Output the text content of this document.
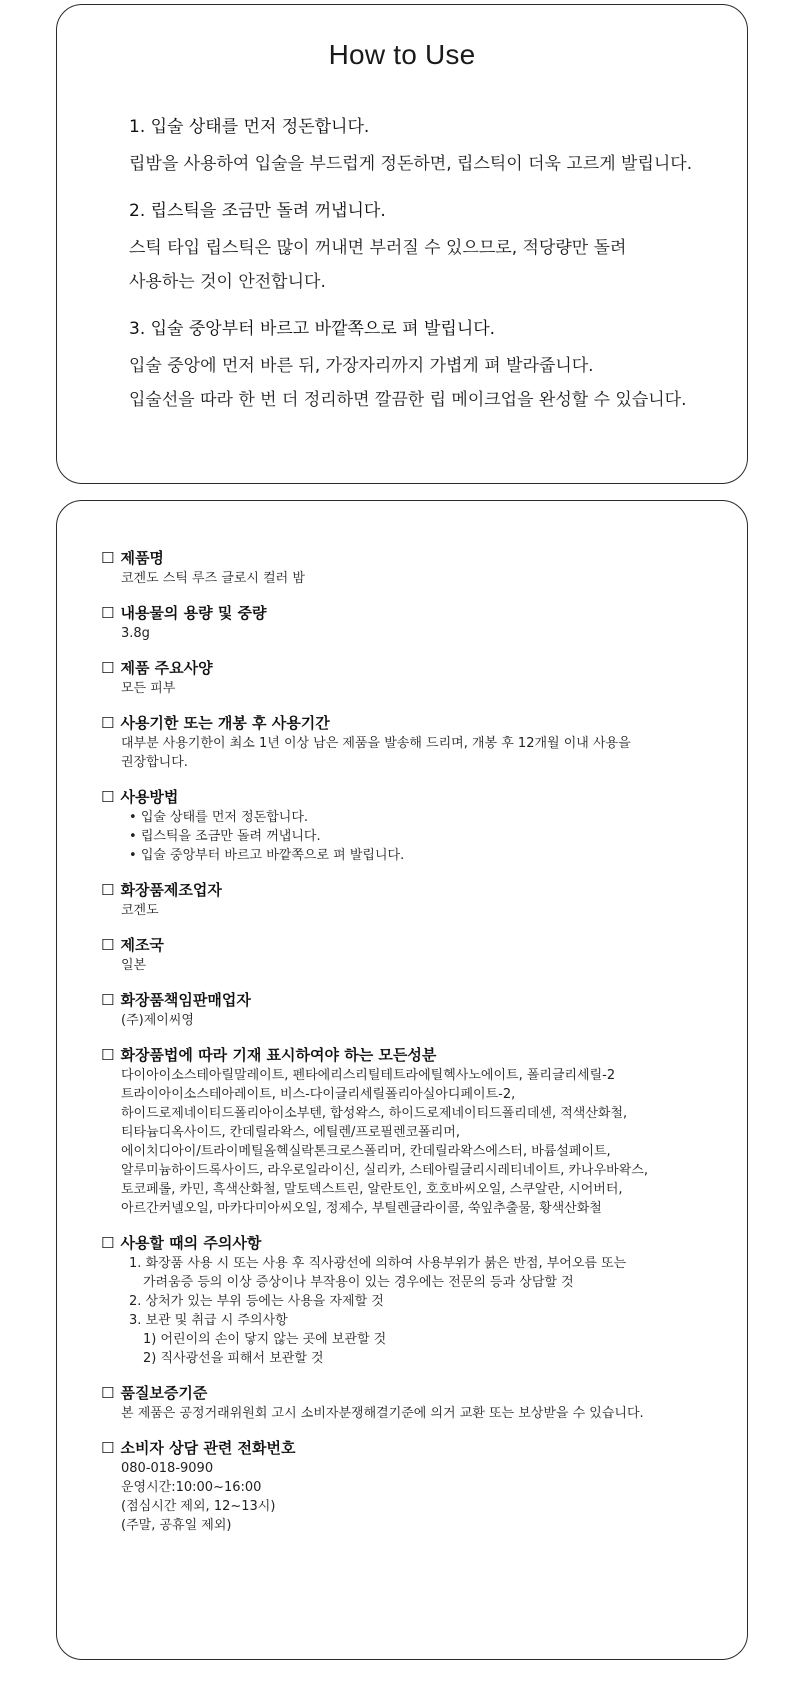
How to Use
1. 입술 상태를 먼저 정돈합니다.
립밤을 사용하여 입술을 부드럽게 정돈하면, 립스틱이 더욱 고르게 발립니다.
2. 립스틱을 조금만 돌려 꺼냅니다.
스틱 타입 립스틱은 많이 꺼내면 부러질 수 있으므로, 적당량만 돌려
사용하는 것이 안전합니다.
3. 입술 중앙부터 바르고 바깥쪽으로 펴 발립니다.
입술 중앙에 먼저 바른 뒤, 가장자리까지 가볍게 펴 발라줍니다.
입술선을 따라 한 번 더 정리하면 깔끔한 립 메이크업을 완성할 수 있습니다.
☐ 제품명
코겐도 스틱 루즈 글로시 컬러 밤
☐ 내용물의 용량 및 중량
3.8g
☐ 제품 주요사양
모든 피부
☐ 사용기한 또는 개봉 후 사용기간
대부분 사용기한이 최소 1년 이상 남은 제품을 발송해 드리며, 개봉 후 12개월 이내 사용을
권장합니다.
☐ 사용방법
• 입술 상태를 먼저 정돈합니다.
• 립스틱을 조금만 돌려 꺼냅니다.
• 입술 중앙부터 바르고 바깥쪽으로 펴 발립니다.
☐ 화장품제조업자
코겐도
☐ 제조국
일본
☐ 화장품책임판매업자
(주)제이씨영
☐ 화장품법에 따라 기재 표시하여야 하는 모든성분
다이아이소스테아릴말레이트, 펜타에리스리틸테트라에틸헥사노에이트, 폴리글리세릴-2
트라이아이소스테아레이트, 비스-다이글리세릴폴리아실아디페이트-2,
하이드로제네이티드폴리아이소부텐, 합성왁스, 하이드로제네이티드폴리데센, 적색산화철,
티타늄디옥사이드, 칸데릴라왁스, 에틸렌/프로필렌코폴리머,
에이치디아이/트라이메틸올헥실락톤크로스폴리머, 칸데릴라왁스에스터, 바륨설페이트,
알루미늄하이드록사이드, 라우로일라이신, 실리카, 스테아릴글리시레티네이트, 카나우바왁스,
토코페롤, 카민, 흑색산화철, 말토덱스트린, 알란토인, 호호바씨오일, 스쿠알란, 시어버터,
아르간커넬오일, 마카다미아씨오일, 정제수, 부틸렌글라이콜, 쑥잎추출물, 황색산화철
☐ 사용할 때의 주의사항
1. 화장품 사용 시 또는 사용 후 직사광선에 의하여 사용부위가 붉은 반점, 부어오름 또는
가려움증 등의 이상 증상이나 부작용이 있는 경우에는 전문의 등과 상담할 것
2. 상처가 있는 부위 등에는 사용을 자제할 것
3. 보관 및 취급 시 주의사항
1) 어린이의 손이 닿지 않는 곳에 보관할 것
2) 직사광선을 피해서 보관할 것
☐ 품질보증기준
본 제품은 공정거래위원회 고시 소비자분쟁해결기준에 의거 교환 또는 보상받을 수 있습니다.
☐ 소비자 상담 관련 전화번호
080-018-9090
운영시간:10:00~16:00
(점심시간 제외, 12~13시)
(주말, 공휴일 제외)
